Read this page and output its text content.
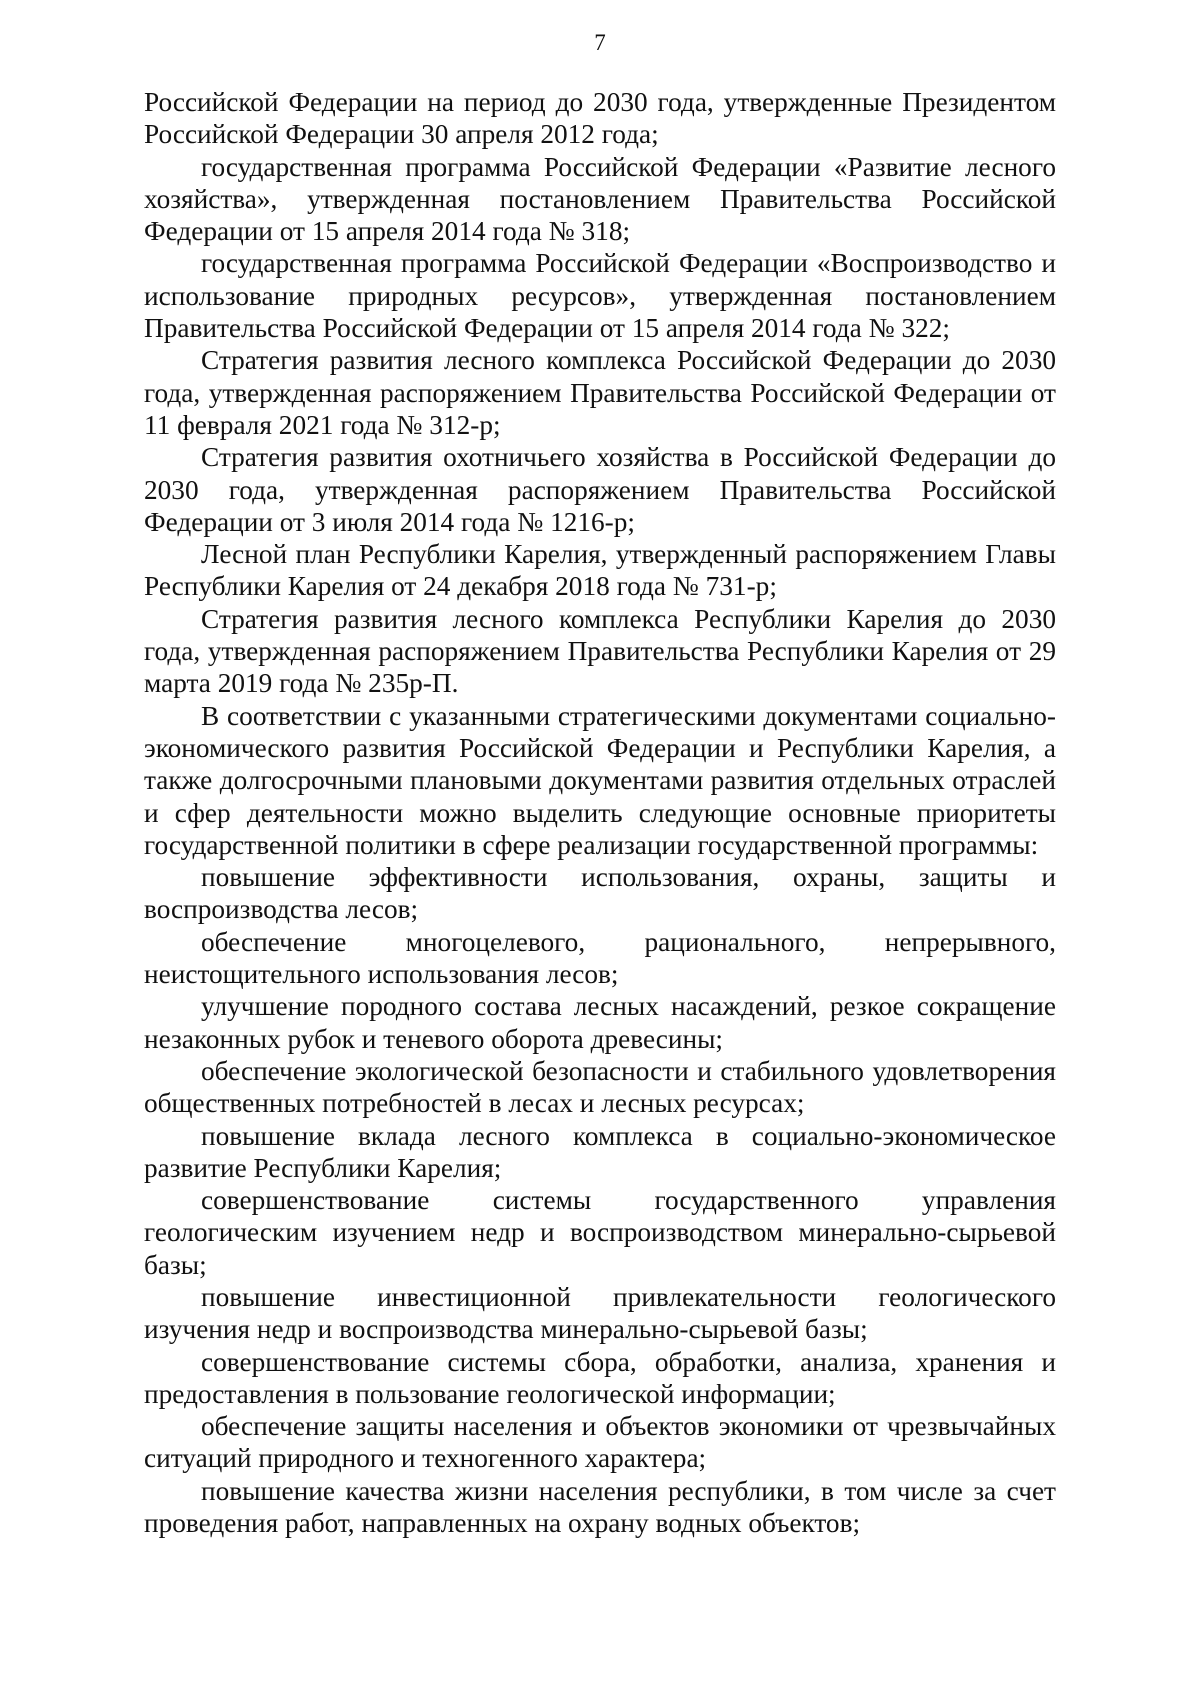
7

Российской Федерации на период до 2030 года, утвержденные Президентом Российской Федерации 30 апреля 2012 года;

государственная программа Российской Федерации «Развитие лесного хозяйства», утвержденная постановлением Правительства Российской Федерации от 15 апреля 2014 года № 318;

государственная программа Российской Федерации «Воспроизводство и использование природных ресурсов», утвержденная постановлением Правительства Российской Федерации от 15 апреля 2014 года № 322;

Стратегия развития лесного комплекса Российской Федерации до 2030 года, утвержденная распоряжением Правительства Российской Федерации от 11 февраля 2021 года № 312-р;

Стратегия развития охотничьего хозяйства в Российской Федерации до 2030 года, утвержденная распоряжением Правительства Российской Федерации от 3 июля 2014 года № 1216-р;

Лесной план Республики Карелия, утвержденный распоряжением Главы Республики Карелия от 24 декабря 2018 года № 731-р;

Стратегия развития лесного комплекса Республики Карелия до 2030 года, утвержденная распоряжением Правительства Республики Карелия от 29 марта 2019 года № 235р-П.

В соответствии с указанными стратегическими документами социально-экономического развития Российской Федерации и Республики Карелия, а также долгосрочными плановыми документами развития отдельных отраслей и сфер деятельности можно выделить следующие основные приоритеты государственной политики в сфере реализации государственной программы:

повышение эффективности использования, охраны, защиты и воспроизводства лесов;

обеспечение многоцелевого, рационального, непрерывного, неистощительного использования лесов;

улучшение породного состава лесных насаждений, резкое сокращение незаконных рубок и теневого оборота древесины;

обеспечение экологической безопасности и стабильного удовлетворения общественных потребностей в лесах и лесных ресурсах;

повышение вклада лесного комплекса в социально-экономическое развитие Республики Карелия;

совершенствование системы государственного управления геологическим изучением недр и воспроизводством минерально-сырьевой базы;

повышение инвестиционной привлекательности геологического изучения недр и воспроизводства минерально-сырьевой базы;

совершенствование системы сбора, обработки, анализа, хранения и предоставления в пользование геологической информации;

обеспечение защиты населения и объектов экономики от чрезвычайных ситуаций природного и техногенного характера;

повышение качества жизни населения республики, в том числе за счет проведения работ, направленных на охрану водных объектов;
